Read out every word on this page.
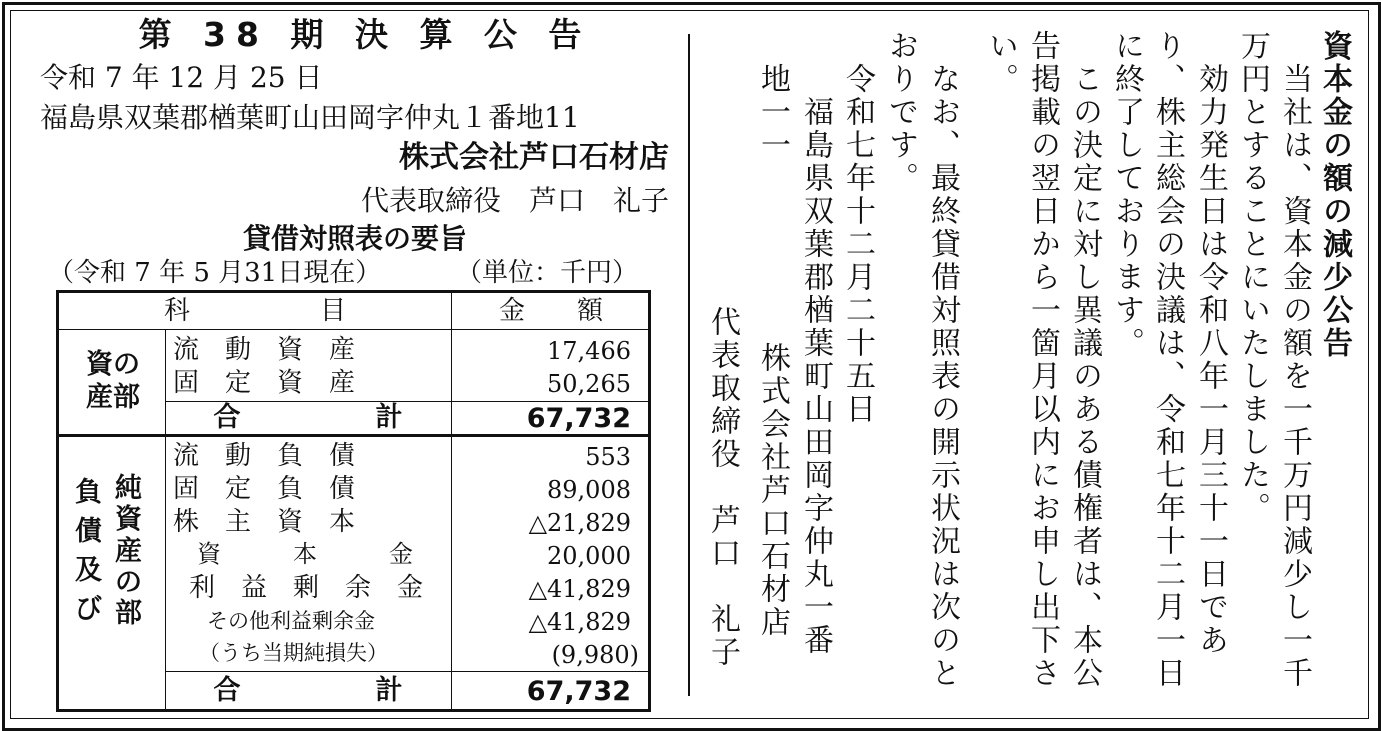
第 38 期 決 算 公 告
令和 7 年 12 月 25 日
福島県双葉郡楢葉町山田岡字仲丸１番地11
株式会社芦口石材店
代表取締役　芦口　礼子
貸借対照表の要旨
（令和 7 年 5 月31日現在）	（単位：千円）
科　　　　　目	金　　額
資の
産部
流　動　資　産	17,466
固　定　資　産	50,265
合　　　　　計	67,732
負
債
及
び
純
資
産
の
部
流　動　負　債	553
固　定　負　債	89,008
株　主　資　本	△21,829
資　　　本　　　金	20,000
利　益　剰　余　金	△41,829
その他利益剰余金	△41,829
（うち当期純損失）	(9,980)
合　　　　　計	67,732
資本金の額の減少公告
　当社は、資本金の額を一千万円減少し一千
万円とすることにいたしました。
　効力発生日は令和八年一月三十一日であ
り、株主総会の決議は、令和七年十二月一日
に終了しております。
　この決定に対し異議のある債権者は、本公
告掲載の翌日から一箇月以内にお申し出下さ
い。
　なお、最終貸借対照表の開示状況は次のと
おりです。
　令和七年十二月二十五日
　　福島県双葉郡楢葉町山田岡字仲丸一番
　地一一
　　　　株式会社芦口石材店
　　代表取締役　芦口　礼子
